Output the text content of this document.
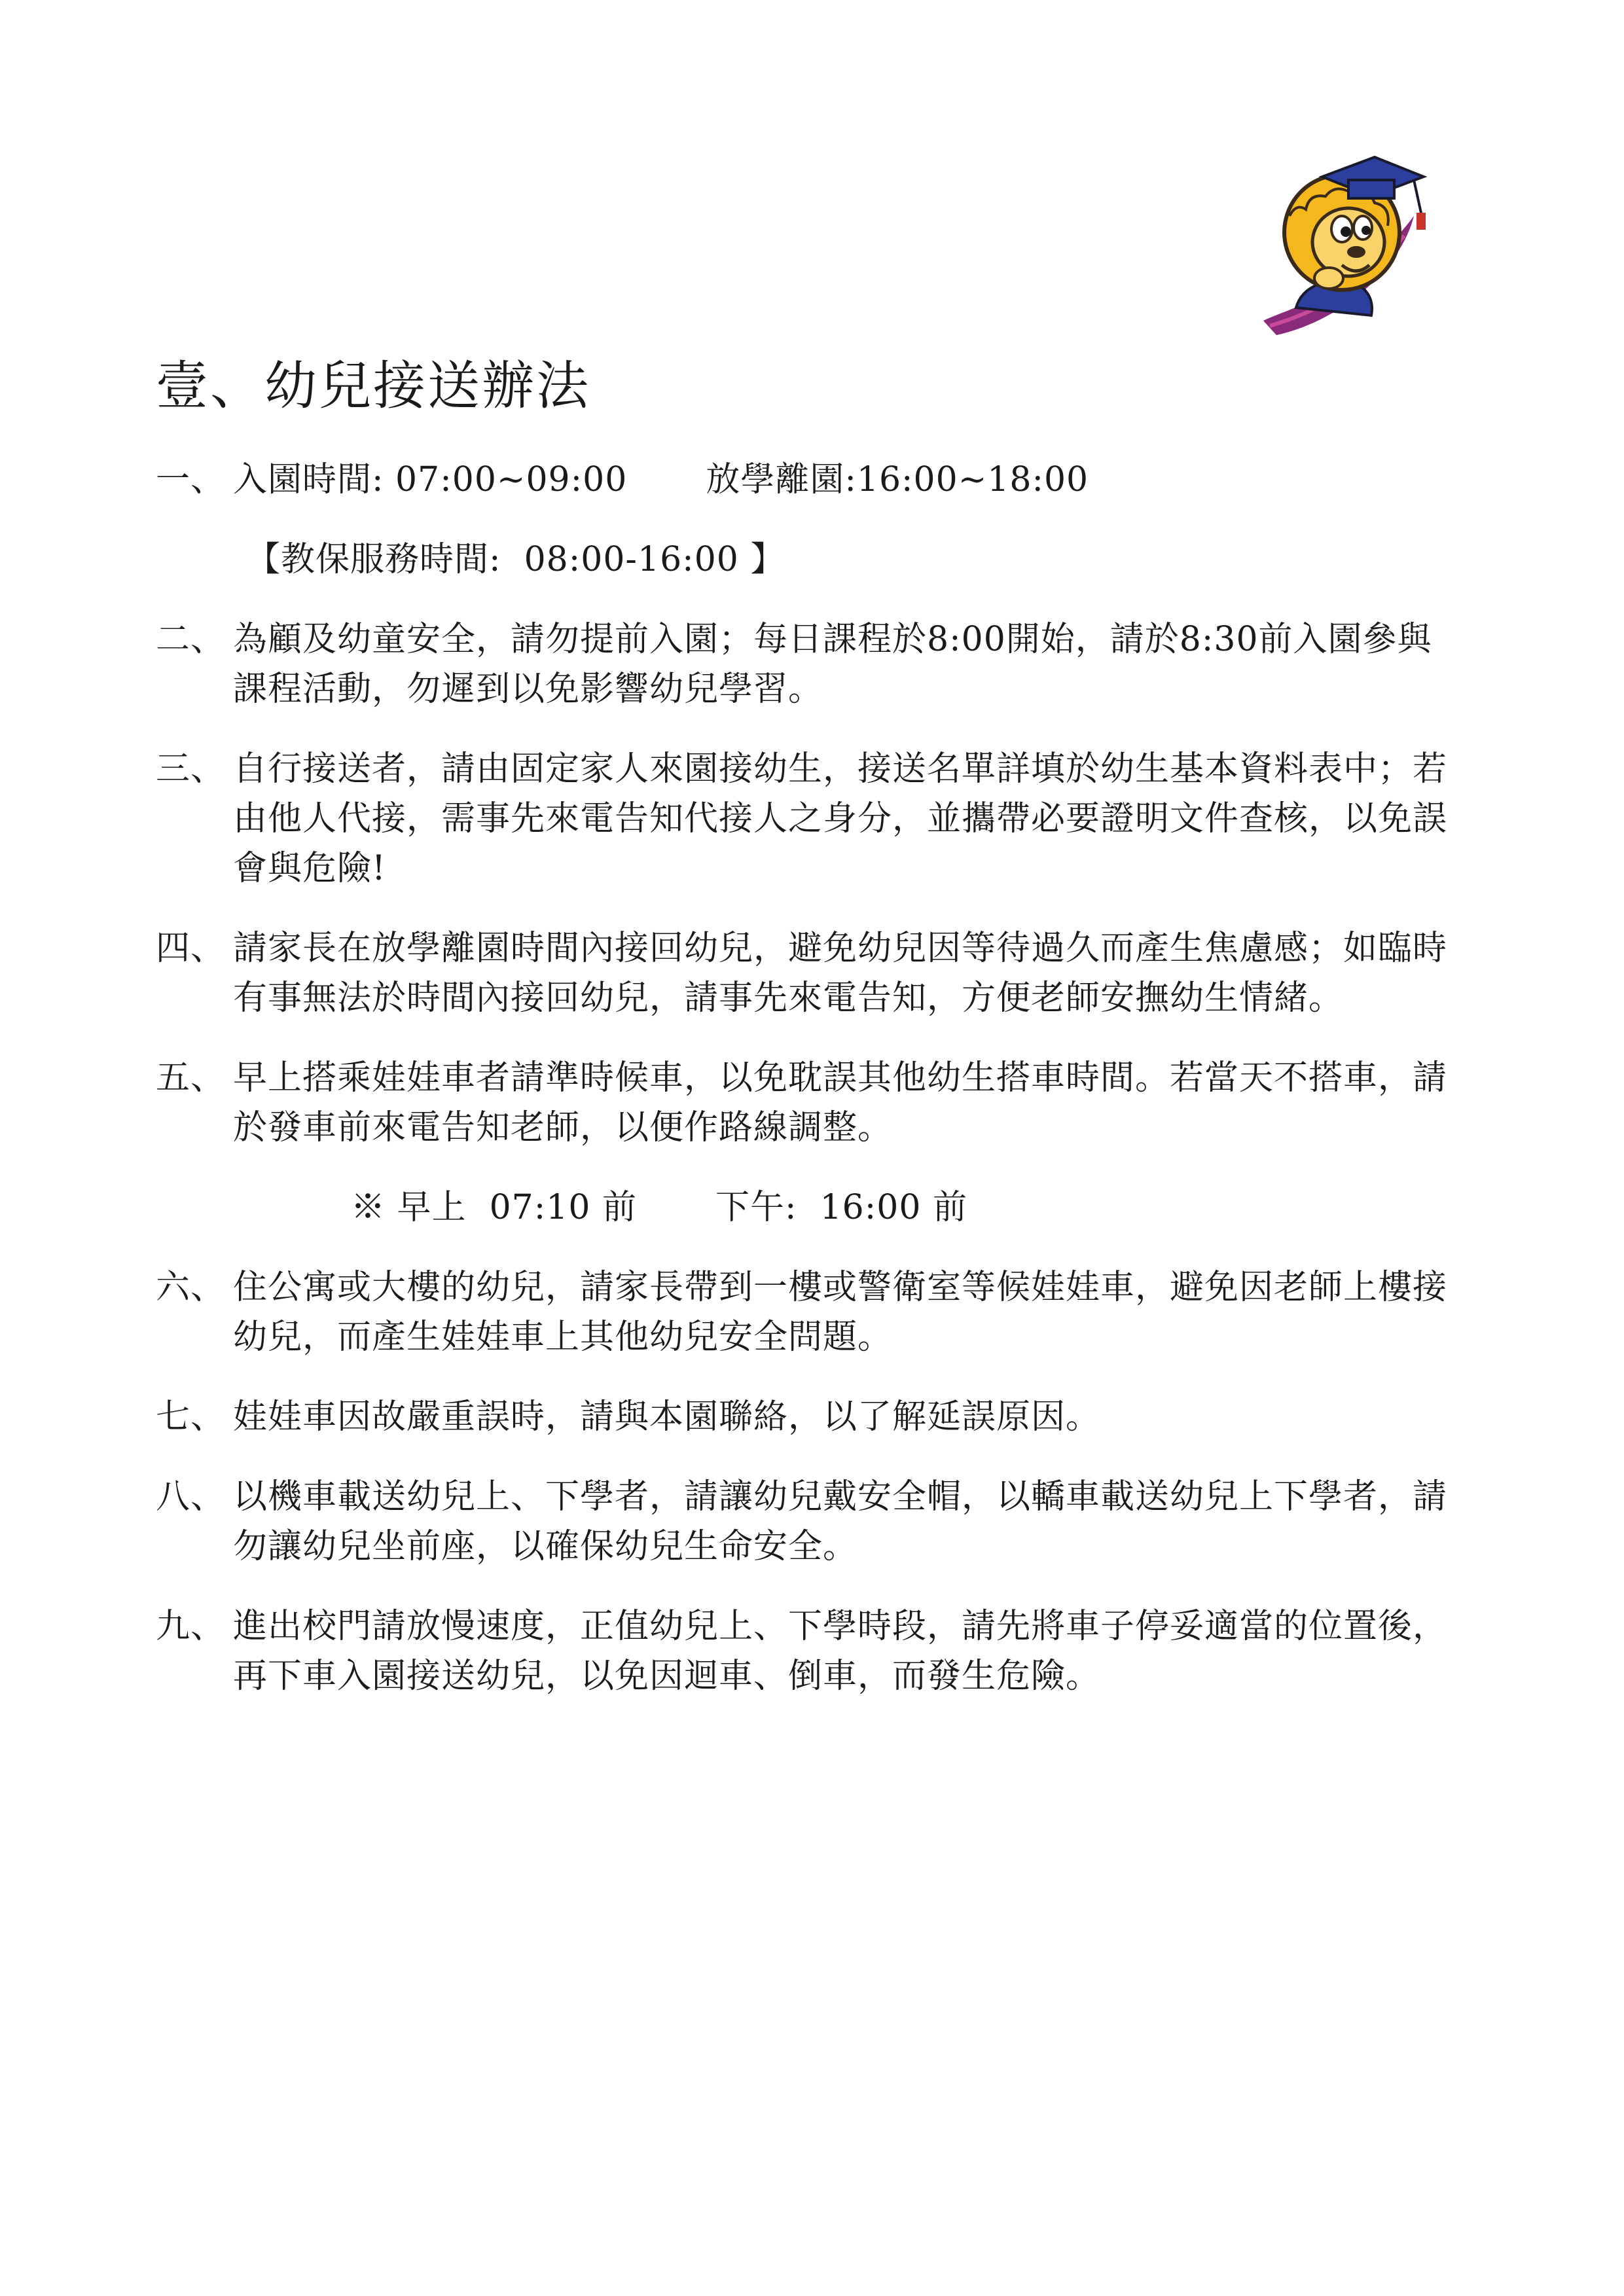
壹、幼兒接送辦法
一、 入園時間: 07:00~09:00 放學離園:16:00~18:00
【教保服務時間:  08:00-16:00 】
二、 為顧及幼童安全，請勿提前入園；每日課程於8:00開始，請於8:30前入園參與課程活動，勿遲到以免影響幼兒學習。
三、 自行接送者，請由固定家人來園接幼生，接送名單詳填於幼生基本資料表中；若由他人代接，需事先來電告知代接人之身分，並攜帶必要證明文件查核，以免誤會與危險!
四、 請家長在放學離園時間內接回幼兒，避免幼兒因等待過久而產生焦慮感；如臨時有事無法於時間內接回幼兒，請事先來電告知，方便老師安撫幼生情緒。
五、 早上搭乘娃娃車者請準時候車，以免耽誤其他幼生搭車時間。若當天不搭車，請於發車前來電告知老師，以便作路線調整。
※ 早上  07:10 前 下午:  16:00 前
六、 住公寓或大樓的幼兒，請家長帶到一樓或警衛室等候娃娃車，避免因老師上樓接幼兒，而產生娃娃車上其他幼兒安全問題。
七、 娃娃車因故嚴重誤時，請與本園聯絡，以了解延誤原因。
八、 以機車載送幼兒上、下學者，請讓幼兒戴安全帽，以轎車載送幼兒上下學者，請勿讓幼兒坐前座，以確保幼兒生命安全。
九、 進出校門請放慢速度，正值幼兒上、下學時段，請先將車子停妥適當的位置後，再下車入園接送幼兒，以免因迴車、倒車，而發生危險。
